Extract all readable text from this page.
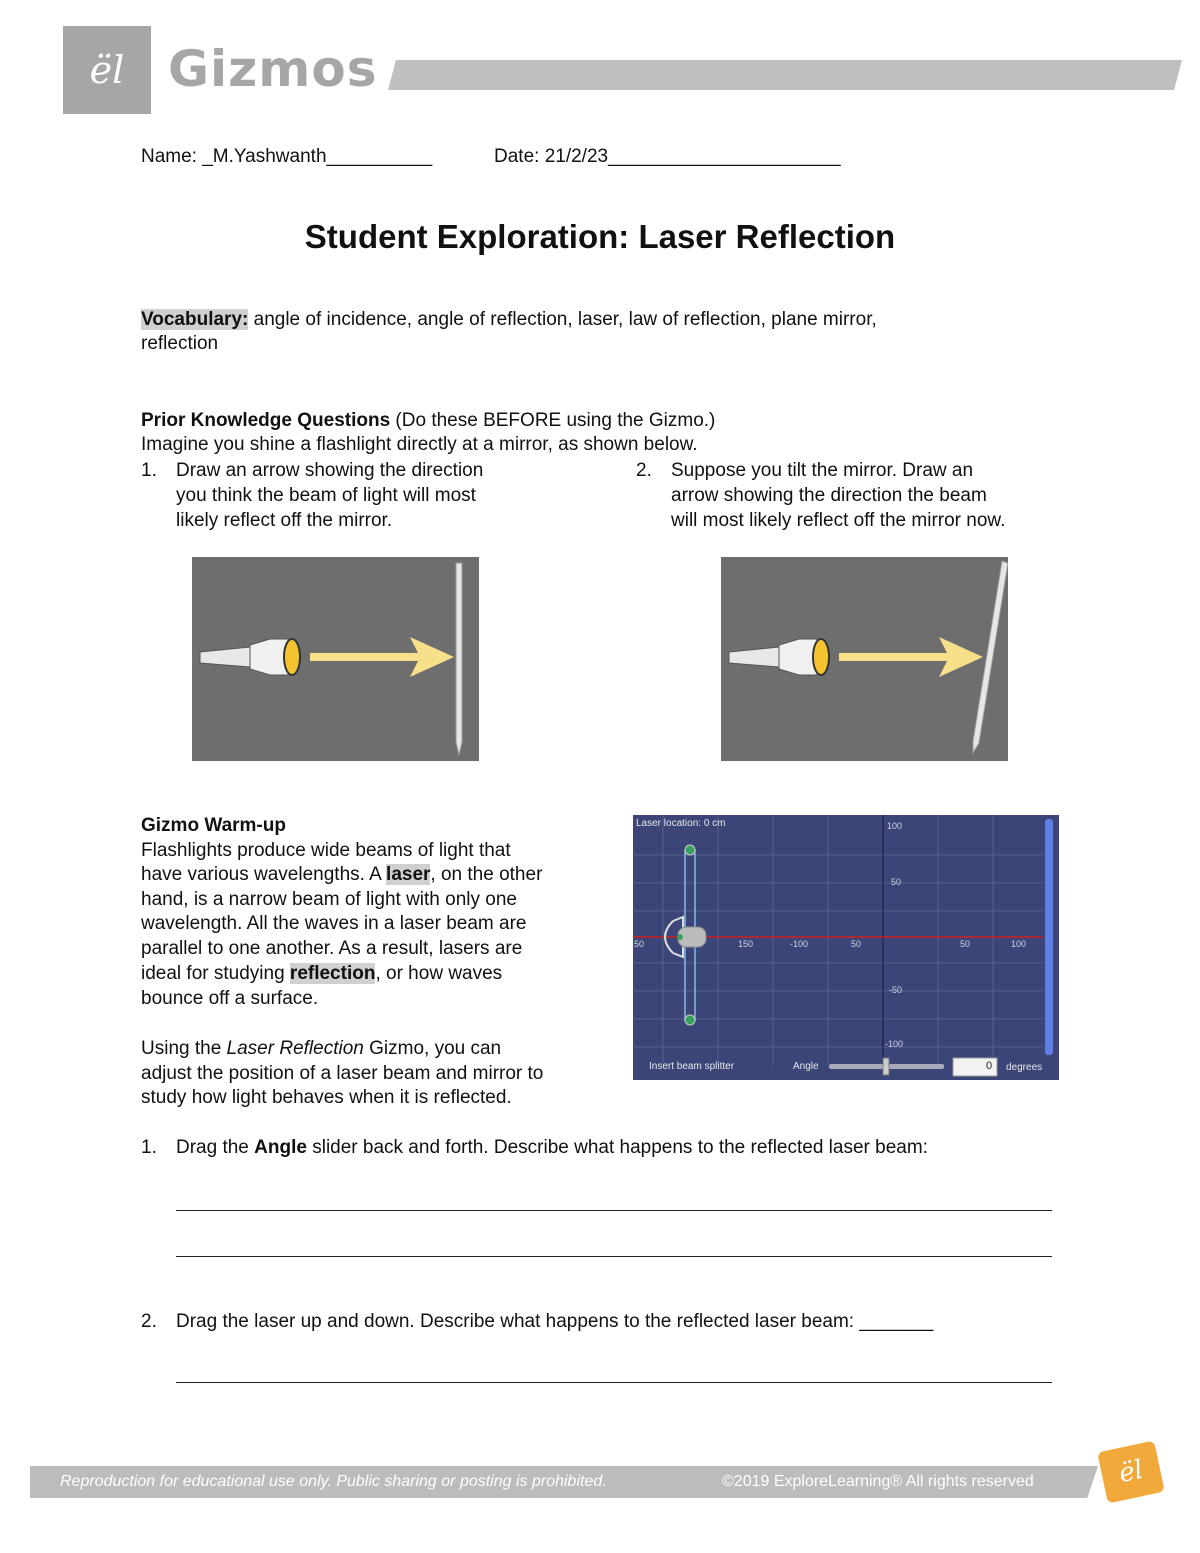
ël Gizmos
Name: _M.Yashwanth__________	Date: 21/2/23______________________
Student Exploration: Laser Reflection
Vocabulary: angle of incidence, angle of reflection, laser, law of reflection, plane mirror,
reflection
Prior Knowledge Questions (Do these BEFORE using the Gizmo.)
Imagine you shine a flashlight directly at a mirror, as shown below.
1. Draw an arrow showing the direction
you think the beam of light will most
likely reflect off the mirror.
2. Suppose you tilt the mirror. Draw an
arrow showing the direction the beam
will most likely reflect off the mirror now.
Gizmo Warm-up
Flashlights produce wide beams of light that
have various wavelengths. A laser, on the other
hand, is a narrow beam of light with only one
wavelength. All the waves in a laser beam are
parallel to one another. As a result, lasers are
ideal for studying reflection, or how waves
bounce off a surface.
Using the Laser Reflection Gizmo, you can
adjust the position of a laser beam and mirror to
study how light behaves when it is reflected.
Laser location: 0 cm	100
50
-50
-100
50	150	-100	50	50	100
Insert beam splitter	Angle	0 degrees
1. Drag the Angle slider back and forth. Describe what happens to the reflected laser beam:
2. Drag the laser up and down. Describe what happens to the reflected laser beam: _______
Reproduction for educational use only. Public sharing or posting is prohibited.	©2019 ExploreLearning® All rights reserved	ël
